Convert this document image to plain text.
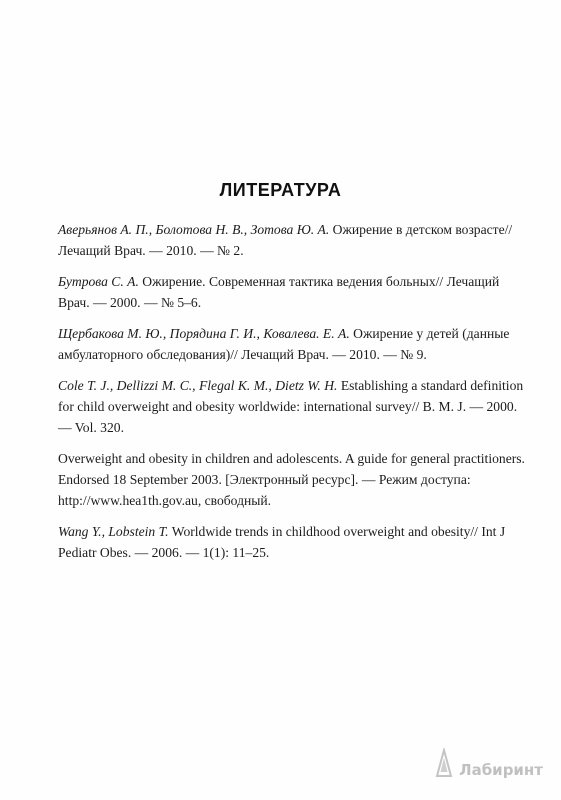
ЛИТЕРАТУРА

Аверьянов А. П., Болотова Н. В., Зотова Ю. А. Ожирение в детском возрасте// Лечащий Врач. — 2010. — № 2.

Бутрова С. А. Ожирение. Современная тактика ведения больных// Лечащий Врач. — 2000. — № 5–6.

Щербакова М. Ю., Порядина Г. И., Ковалева. Е. А. Ожирение у детей (данные амбулаторного обследования)// Лечащий Врач. — 2010. — № 9.

Cole T. J., Dellizzi M. C., Flegal K. M., Dietz W. H. Establishing a standard definition for child overweight and obesity worldwide: international survey// B. M. J. — 2000. — Vol. 320.

Overweight and obesity in children and adolescents. A guide for general practitioners. Endorsed 18 September 2003. [Электронный ресурс]. — Режим доступа: http://www.hea1th.gov.au, свободный.

Wang Y., Lobstein T. Worldwide trends in childhood overweight and obesity// Int J Pediatr Obes. — 2006. — 1(1): 11–25.

Лабиринт
